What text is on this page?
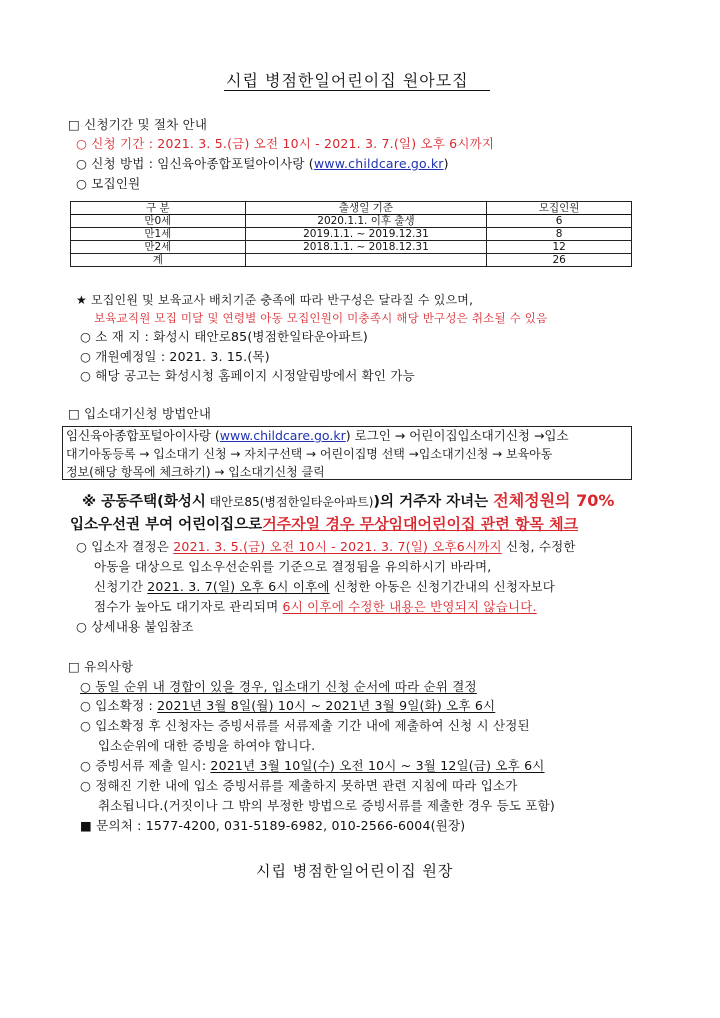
시립 병점한일어린이집 원아모집
□ 신청기간 및 절차 안내
○ 신청 기간 : 2021. 3. 5.(금) 오전 10시 - 2021. 3. 7.(일) 오후 6시까지
○ 신청 방법 : 임신육아종합포털아이사랑 (www.childcare.go.kr)
○ 모집인원
구 분	출생일 기준	모집인원
만0세	2020.1.1. 이후 출생	6
만1세	2019.1.1. ~ 2019.12.31	8
만2세	2018.1.1. ~ 2018.12.31	12
계		26
★ 모집인원 및 보육교사 배치기준 충족에 따라 반구성은 달라질 수 있으며,
보육교직원 모집 미달 및 연령별 아동 모집인원이 미충족시 해당 반구성은 취소될 수 있음
○ 소 재 지 : 화성시 태안로85(병점한일타운아파트)
○ 개원예정일 : 2021. 3. 15.(목)
○ 해당 공고는 화성시청 홈페이지 시정알림방에서 확인 가능
□ 입소대기신청 방법안내
임신육아종합포털아이사랑 (www.childcare.go.kr) 로그인 → 어린이집입소대기신청 →입소
대기아동등록 → 입소대기 신청 → 자치구선택 → 어린이집명 선택 →입소대기신청 → 보육아동
정보(해당 항목에 체크하기) → 입소대기신청 클릭
※ 공동주택(화성시 태안로85(병점한일타운아파트))의 거주자 자녀는 전체정원의 70%
입소우선권 부여 어린이집으로거주자일 경우 무상임대어린이집 관련 항목 체크
○ 입소자 결정은 2021. 3. 5.(금) 오전 10시 - 2021. 3. 7(일) 오후6시까지 신청, 수정한
아동을 대상으로 입소우선순위를 기준으로 결정됨을 유의하시기 바라며,
신청기간 2021. 3. 7(일) 오후 6시 이후에 신청한 아동은 신청기간내의 신청자보다
점수가 높아도 대기자로 관리되며 6시 이후에 수정한 내용은 반영되지 않습니다.
○ 상세내용 붙임참조
□ 유의사항
○ 동일 순위 내 경합이 있을 경우, 입소대기 신청 순서에 따라 순위 결정
○ 입소확정 : 2021년 3월 8일(월) 10시 ~ 2021년 3월 9일(화) 오후 6시
○ 입소확정 후 신청자는 증빙서류를 서류제출 기간 내에 제출하여 신청 시 산정된
입소순위에 대한 증빙을 하여야 합니다.
○ 증빙서류 제출 일시: 2021년 3월 10일(수) 오전 10시 ~ 3월 12일(금) 오후 6시
○ 정해진 기한 내에 입소 증빙서류를 제출하지 못하면 관련 지침에 따라 입소가
취소됩니다.(거짓이나 그 밖의 부정한 방법으로 증빙서류를 제출한 경우 등도 포함)
■ 문의처 : 1577-4200, 031-5189-6982, 010-2566-6004(원장)
시립 병점한일어린이집 원장
